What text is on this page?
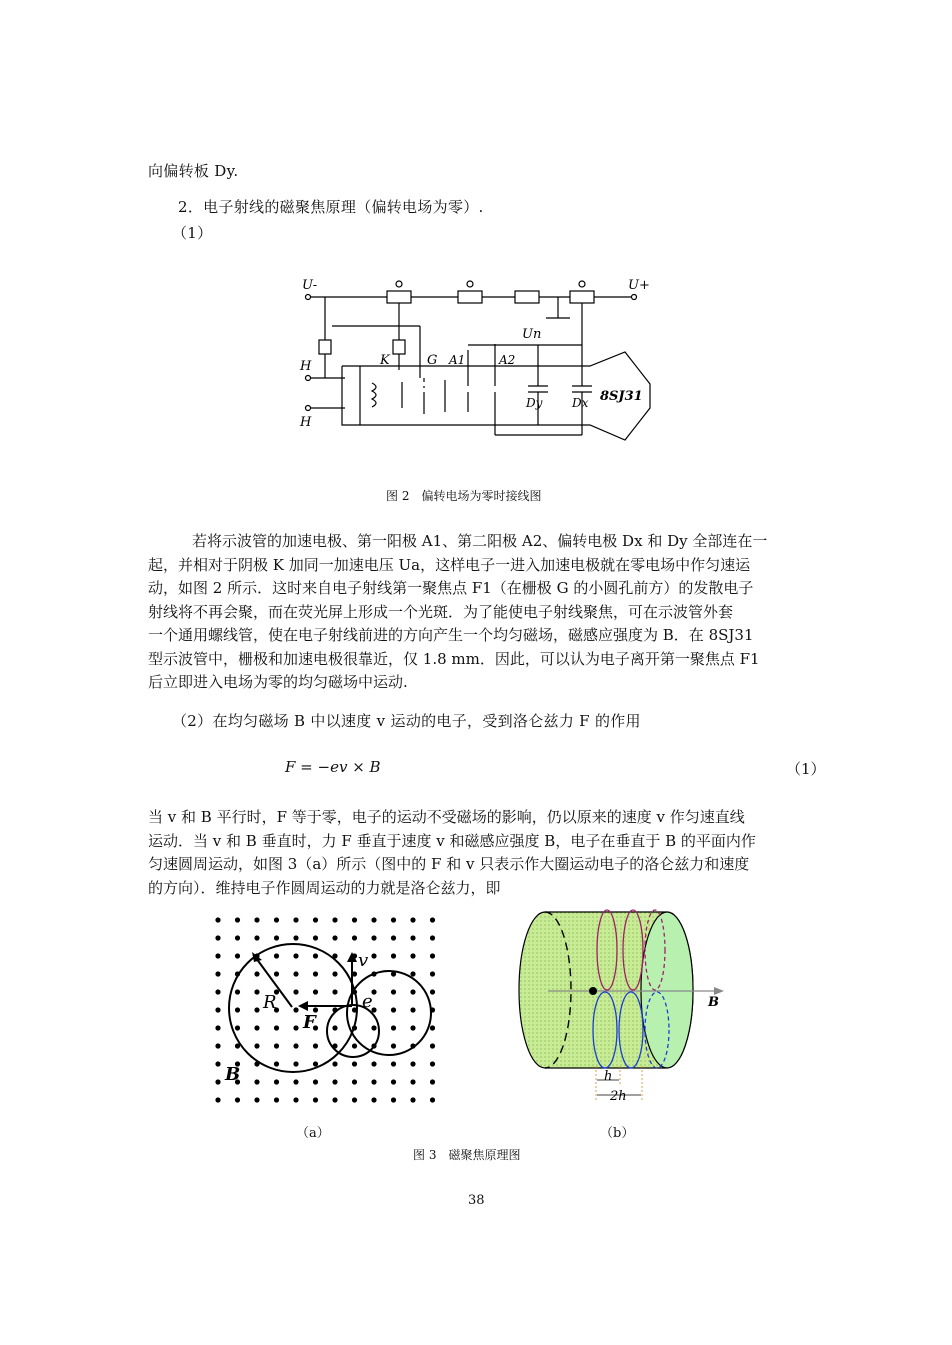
向偏转板 Dy.
2．电子射线的磁聚焦原理（偏转电场为零）.
（1）
U-	U+
Un
H
H
K	G A1	A2
Dy Dx 8SJ31
图 2　偏转电场为零时接线图

若将示波管的加速电极、第一阳极 A1、第二阳极 A2、偏转电极 Dx 和 Dy 全部连在一

起，并相对于阴极 K 加同一加速电压 Ua，这样电子一进入加速电极就在零电场中作匀速运

动，如图 2 所示．这时来自电子射线第一聚焦点 F1（在栅极 G 的小圆孔前方）的发散电子

射线将不再会聚，而在荧光屏上形成一个光斑．为了能使电子射线聚焦，可在示波管外套

一个通用螺线管，使在电子射线前进的方向产生一个均匀磁场，磁感应强度为 B．在 8SJ31

型示波管中，栅极和加速电极很靠近，仅 1.8 mm．因此，可以认为电子离开第一聚焦点 F1

后立即进入电场为零的均匀磁场中运动.

（2）在均匀磁场 B 中以速度 v 运动的电子，受到洛仑兹力 F 的作用
F = −ev × B	（1）

当 v 和 B 平行时，F 等于零，电子的运动不受磁场的影响，仍以原来的速度 v 作匀速直线

运动．当 v 和 B 垂直时，力 F 垂直于速度 v 和磁感应强度 B，电子在垂直于 B 的平面内作

匀速圆周运动，如图 3（a）所示（图中的 F 和 v 只表示作大圈运动电子的洛仑兹力和速度

的方向）．维持电子作圆周运动的力就是洛仑兹力，即

v
R
F
e
B
B
h
2h
（a）	（b）
图 3　磁聚焦原理图
38
